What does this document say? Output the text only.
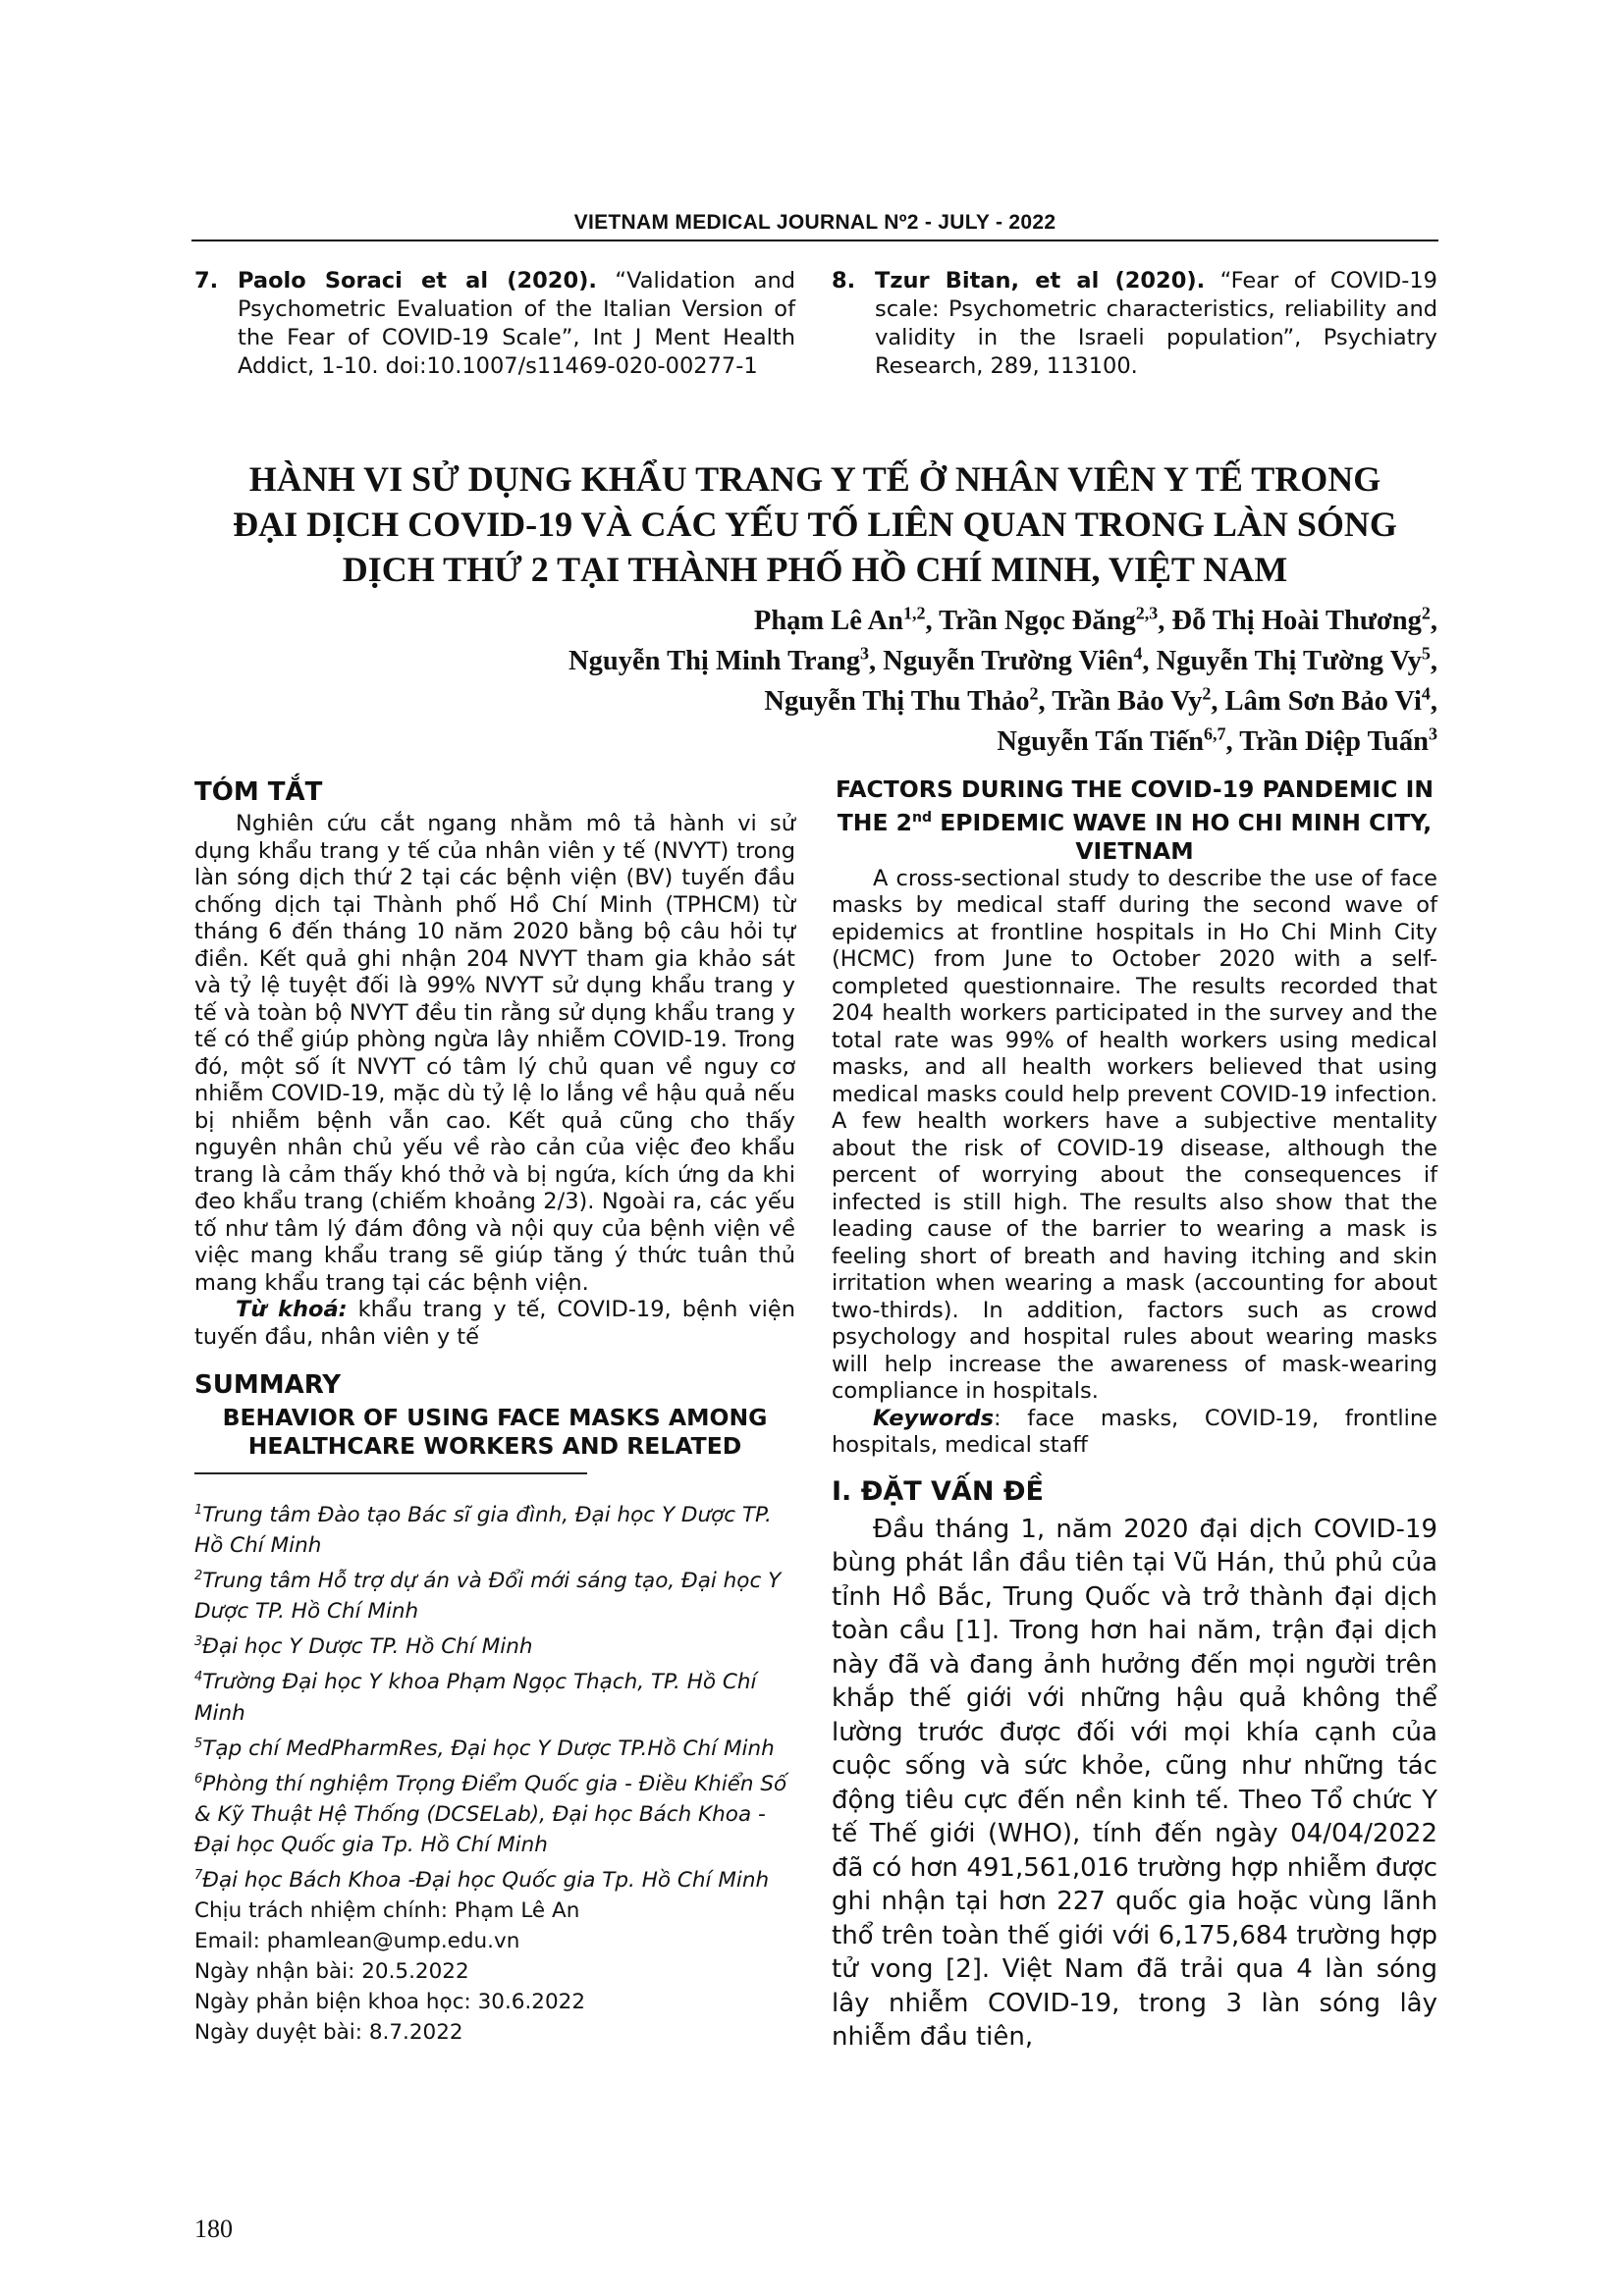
VIETNAM MEDICAL JOURNAL Nº2 - JULY - 2022
7. Paolo Soraci et al (2020). “Validation and Psychometric Evaluation of the Italian Version of the Fear of COVID-19 Scale”, Int J Ment Health Addict, 1-10. doi:10.1007/s11469-020-00277-1
8. Tzur Bitan, et al (2020). “Fear of COVID-19 scale: Psychometric characteristics, reliability and validity in the Israeli population”, Psychiatry Research, 289, 113100.
HÀNH VI SỬ DỤNG KHẨU TRANG Y TẾ Ở NHÂN VIÊN Y TẾ TRONG
ĐẠI DỊCH COVID-19 VÀ CÁC YẾU TỐ LIÊN QUAN TRONG LÀN SÓNG
DỊCH THỨ 2 TẠI THÀNH PHỐ HỒ CHÍ MINH, VIỆT NAM
Phạm Lê An$^{1,2}$, Trần Ngọc Đăng$^{2,3}$, Đỗ Thị Hoài Thương$^2$,
Nguyễn Thị Minh Trang$^3$, Nguyễn Trường Viên$^4$, Nguyễn Thị Tường Vy$^5$,
Nguyễn Thị Thu Thảo$^2$, Trần Bảo Vy$^2$, Lâm Sơn Bảo Vi$^4$,
Nguyễn Tấn Tiến$^{6,7}$, Trần Diệp Tuấn$^3$
TÓM TẮT

Nghiên cứu cắt ngang nhằm mô tả hành vi sử dụng khẩu trang y tế của nhân viên y tế (NVYT) trong làn sóng dịch thứ 2 tại các bệnh viện (BV) tuyến đầu chống dịch tại Thành phố Hồ Chí Minh (TPHCM) từ tháng 6 đến tháng 10 năm 2020 bằng bộ câu hỏi tự điền. Kết quả ghi nhận 204 NVYT tham gia khảo sát và tỷ lệ tuyệt đối là 99% NVYT sử dụng khẩu trang y tế và toàn bộ NVYT đều tin rằng sử dụng khẩu trang y tế có thể giúp phòng ngừa lây nhiễm COVID-19. Trong đó, một số ít NVYT có tâm lý chủ quan về nguy cơ nhiễm COVID-19, mặc dù tỷ lệ lo lắng về hậu quả nếu bị nhiễm bệnh vẫn cao. Kết quả cũng cho thấy nguyên nhân chủ yếu về rào cản của việc đeo khẩu trang là cảm thấy khó thở và bị ngứa, kích ứng da khi đeo khẩu trang (chiếm khoảng 2/3). Ngoài ra, các yếu tố như tâm lý đám đông và nội quy của bệnh viện về việc mang khẩu trang sẽ giúp tăng ý thức tuân thủ mang khẩu trang tại các bệnh viện.

Từ khoá: khẩu trang y tế, COVID-19, bệnh viện tuyến đầu, nhân viên y tế

SUMMARY
BEHAVIOR OF USING FACE MASKS AMONG HEALTHCARE WORKERS AND RELATED

$^1$Trung tâm Đào tạo Bác sĩ gia đình, Đại học Y Dược TP. Hồ Chí Minh

$^2$Trung tâm Hỗ trợ dự án và Đổi mới sáng tạo, Đại học Y Dược TP. Hồ Chí Minh

$^3$Đại học Y Dược TP. Hồ Chí Minh

$^4$Trường Đại học Y khoa Phạm Ngọc Thạch, TP. Hồ Chí Minh

$^5$Tạp chí MedPharmRes, Đại học Y Dược TP.Hồ Chí Minh

$^6$Phòng thí nghiệm Trọng Điểm Quốc gia - Điều Khiển Số & Kỹ Thuật Hệ Thống (DCSELab), Đại học Bách Khoa - Đại học Quốc gia Tp. Hồ Chí Minh

$^7$Đại học Bách Khoa -Đại học Quốc gia Tp. Hồ Chí Minh

Chịu trách nhiệm chính: Phạm Lê An

Email: phamlean@ump.edu.vn

Ngày nhận bài: 20.5.2022

Ngày phản biện khoa học: 30.6.2022

Ngày duyệt bài: 8.7.2022

FACTORS DURING THE COVID-19 PANDEMIC IN THE 2nd EPIDEMIC WAVE IN HO CHI MINH CITY, VIETNAM

A cross-sectional study to describe the use of face masks by medical staff during the second wave of epidemics at frontline hospitals in Ho Chi Minh City (HCMC) from June to October 2020 with a self-completed questionnaire. The results recorded that 204 health workers participated in the survey and the total rate was 99% of health workers using medical masks, and all health workers believed that using medical masks could help prevent COVID-19 infection. A few health workers have a subjective mentality about the risk of COVID-19 disease, although the percent of worrying about the consequences if infected is still high. The results also show that the leading cause of the barrier to wearing a mask is feeling short of breath and having itching and skin irritation when wearing a mask (accounting for about two-thirds). In addition, factors such as crowd psychology and hospital rules about wearing masks will help increase the awareness of mask-wearing compliance in hospitals.

Keywords: face masks, COVID-19, frontline hospitals, medical staff

I. ĐẶT VẤN ĐỀ

Đầu tháng 1, năm 2020 đại dịch COVID-19 bùng phát lần đầu tiên tại Vũ Hán, thủ phủ của tỉnh Hồ Bắc, Trung Quốc và trở thành đại dịch toàn cầu [1]. Trong hơn hai năm, trận đại dịch này đã và đang ảnh hưởng đến mọi người trên khắp thế giới với những hậu quả không thể lường trước được đối với mọi khía cạnh của cuộc sống và sức khỏe, cũng như những tác động tiêu cực đến nền kinh tế. Theo Tổ chức Y tế Thế giới (WHO), tính đến ngày 04/04/2022 đã có hơn 491,561,016 trường hợp nhiễm được ghi nhận tại hơn 227 quốc gia hoặc vùng lãnh thổ trên toàn thế giới với 6,175,684 trường hợp tử vong [2]. Việt Nam đã trải qua 4 làn sóng lây nhiễm COVID-19, trong 3 làn sóng lây nhiễm đầu tiên,

180
